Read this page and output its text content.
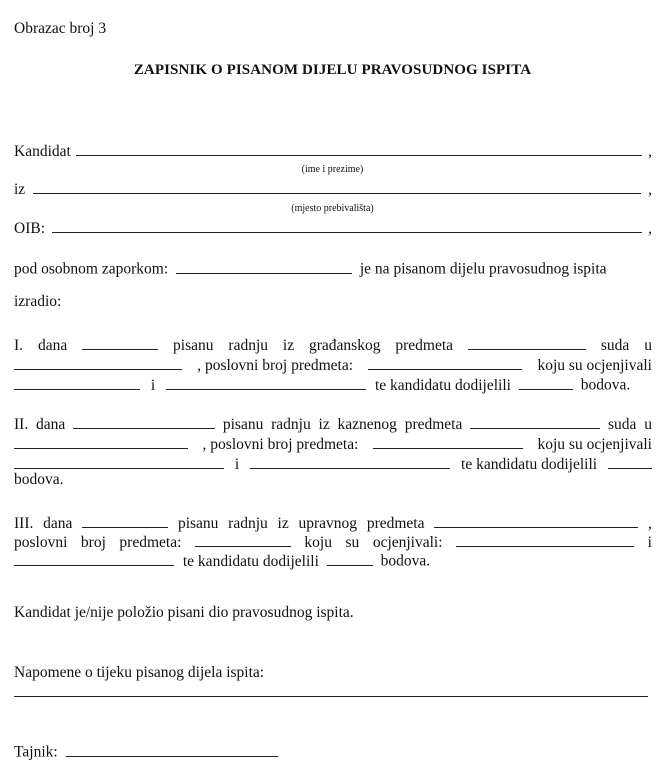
Obrazac broj 3
ZAPISNIK O PISANOM DIJELU PRAVOSUDNOG ISPITA
Kandidat	,
(ime i prezime)
iz	,
(mjesto prebivališta)
OIB:	,
pod osobnom zaporkom:	je na pisanom dijelu pravosudnog ispita
izradio:
I. dana	pisanu radnju iz građanskog predmeta	suda u
, poslovni broj predmeta:	koju su ocjenjivali
i	te kandidatu dodijelili	bodova.
II. dana	pisanu radnju iz kaznenog predmeta	suda u
, poslovni broj predmeta:	koju su ocjenjivali
i	te kandidatu dodijelili
bodova.
III. dana	pisanu radnju iz upravnog predmeta	,
poslovni broj predmeta:	koju su ocjenjivali:	i
te kandidatu dodijelili	bodova.
Kandidat je/nije položio pisani dio pravosudnog ispita.
Napomene o tijeku pisanog dijela ispita:
Tajnik:
